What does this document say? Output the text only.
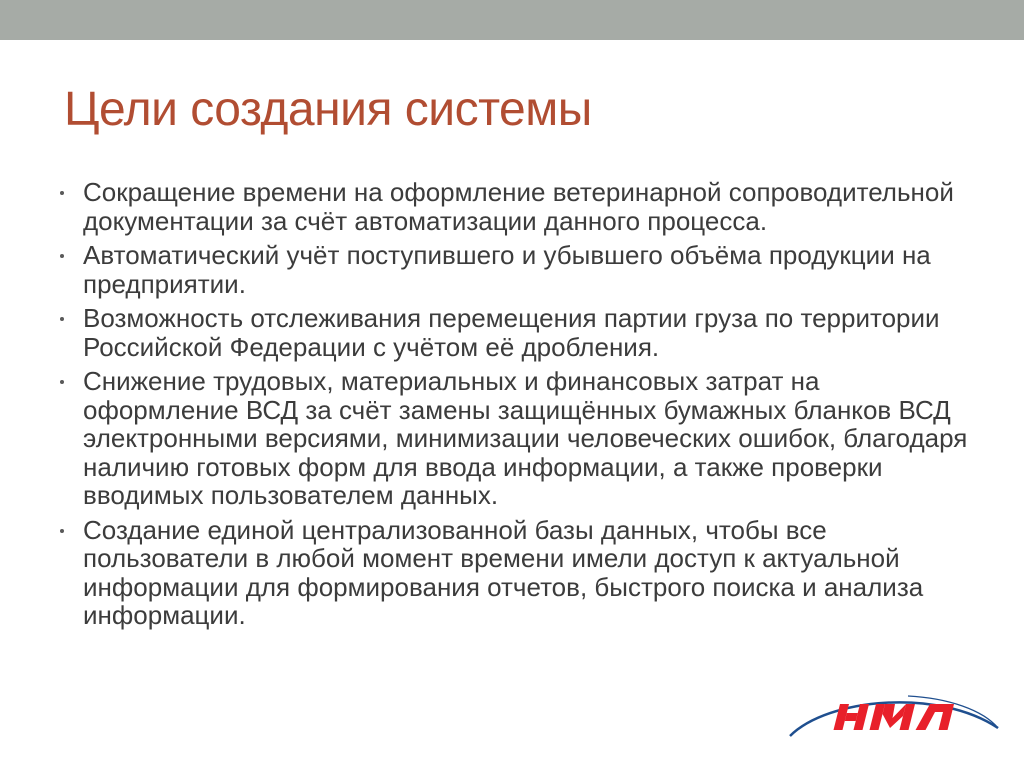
Цели создания системы
Сокращение времени на оформление ветеринарной сопроводительной документации за счёт автоматизации данного процесса.
Автоматический учёт поступившего и убывшего объёма продукции на предприятии.
Возможность отслеживания перемещения партии груза по территории Российской Федерации с учётом её дробления.
Снижение трудовых, материальных и финансовых затрат на оформление ВСД за счёт замены защищённых бумажных бланков ВСД электронными версиями, минимизации человеческих ошибок, благодаря наличию готовых форм для ввода информации, а также проверки вводимых пользователем данных.
Создание единой централизованной базы данных, чтобы все пользователи в любой момент времени имели доступ к актуальной информации для формирования отчетов, быстрого поиска и анализа информации.
